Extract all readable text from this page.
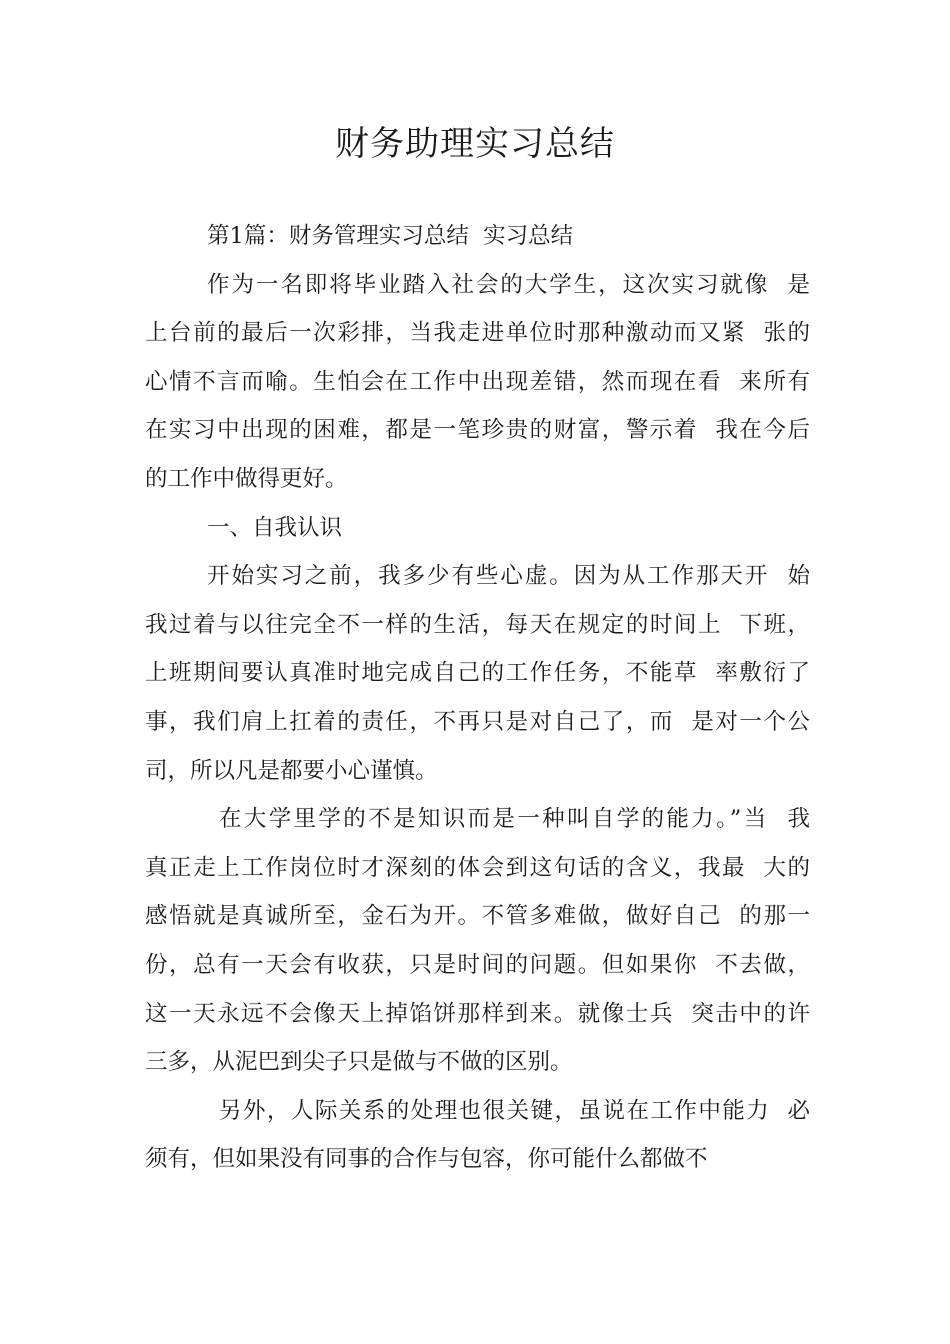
财务助理实习总结
第1篇：财务管理实习总结  实习总结
作为一名即将毕业踏入社会的大学生，这次实习就像  是
上台前的最后一次彩排，当我走进单位时那种激动而又紧  张的
心情不言而喻。生怕会在工作中出现差错，然而现在看  来所有
在实习中出现的困难，都是一笔珍贵的财富，警示着  我在今后
的工作中做得更好。
一、自我认识
开始实习之前，我多少有些心虚。因为从工作那天开  始
我过着与以往完全不一样的生活，每天在规定的时间上  下班，
上班期间要认真准时地完成自己的工作任务，不能草  率敷衍了
事，我们肩上扛着的责任，不再只是对自己了，而  是对一个公
司，所以凡是都要小心谨慎。
在大学里学的不是知识而是一种叫自学的能力。”当  我
真正走上工作岗位时才深刻的体会到这句话的含义，我最  大的
感悟就是真诚所至，金石为开。不管多难做，做好自己  的那一
份，总有一天会有收获，只是时间的问题。但如果你  不去做，
这一天永远不会像天上掉馅饼那样到来。就像士兵  突击中的许
三多，从泥巴到尖子只是做与不做的区别。
另外，人际关系的处理也很关键，虽说在工作中能力  必
须有，但如果没有同事的合作与包容，你可能什么都做不
